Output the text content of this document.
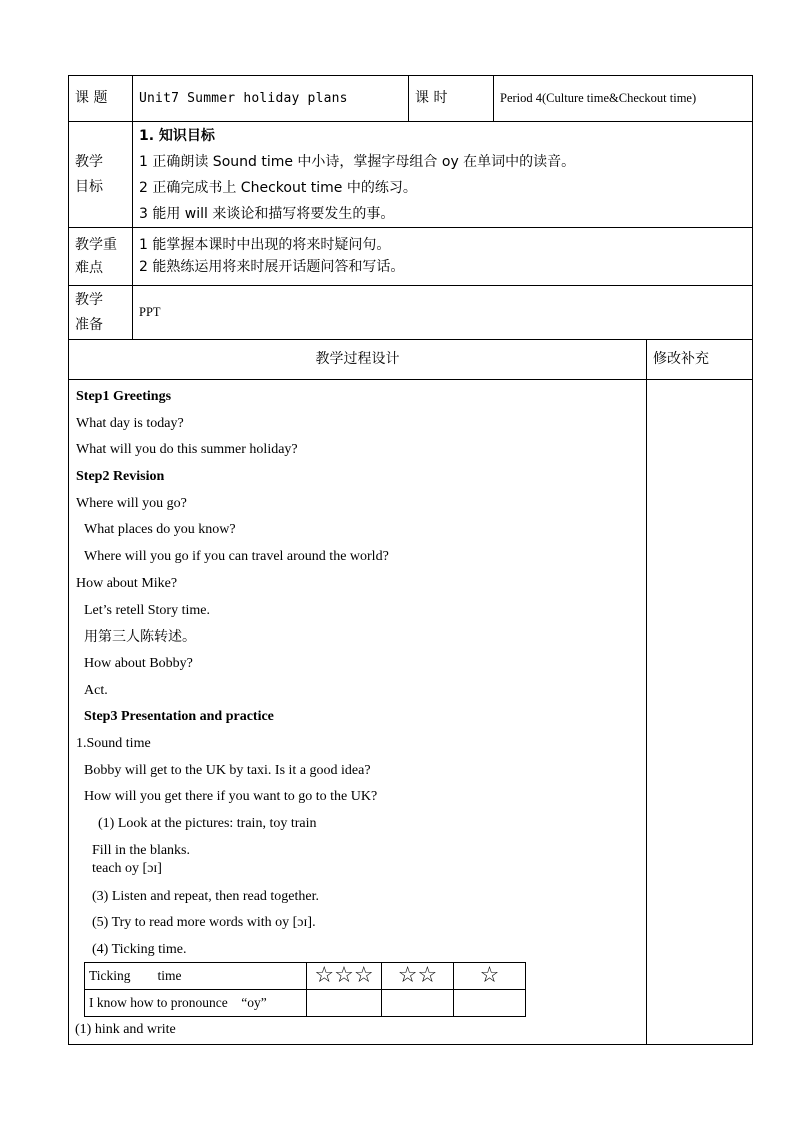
课 题	Unit7 Summer holiday plans	课 时	Period 4(Culture time&Checkout time)

教学
目标

1. 知识目标
1 正确朗读 Sound time 中小诗，掌握字母组合 oy 在单词中的读音。
2 正确完成书上 Checkout time 中的练习。
3 能用 will 来谈论和描写将要发生的事。

教学重
难点

1 能掌握本课时中出现的将来时疑问句。
2 能熟练运用将来时展开话题问答和写话。

教学
准备
	PPT
教学过程设计	修改补充

Step1 Greetings
What day is today?
What will you do this summer holiday?
Step2 Revision
Where will you go?
What places do you know?
Where will you go if you can travel around the world?
How about Mike?
Let’s retell Story time.
用第三人陈转述。
How about Bobby?
Act.
Step3 Presentation and practice
1.Sound time
Bobby will get to the UK by taxi. Is it a good idea?
How will you get there if you want to go to the UK?
(1) Look at the pictures: train, toy train
Fill in the blanks.
teach oy [ɔɪ]
(3) Listen and repeat, then read together.
(5) Try to read more words with oy [ɔɪ].
(4) Ticking time.
Ticking        time	☆☆☆	☆☆	☆
I know how to pronounce    “oy”			
(1) hink and write
